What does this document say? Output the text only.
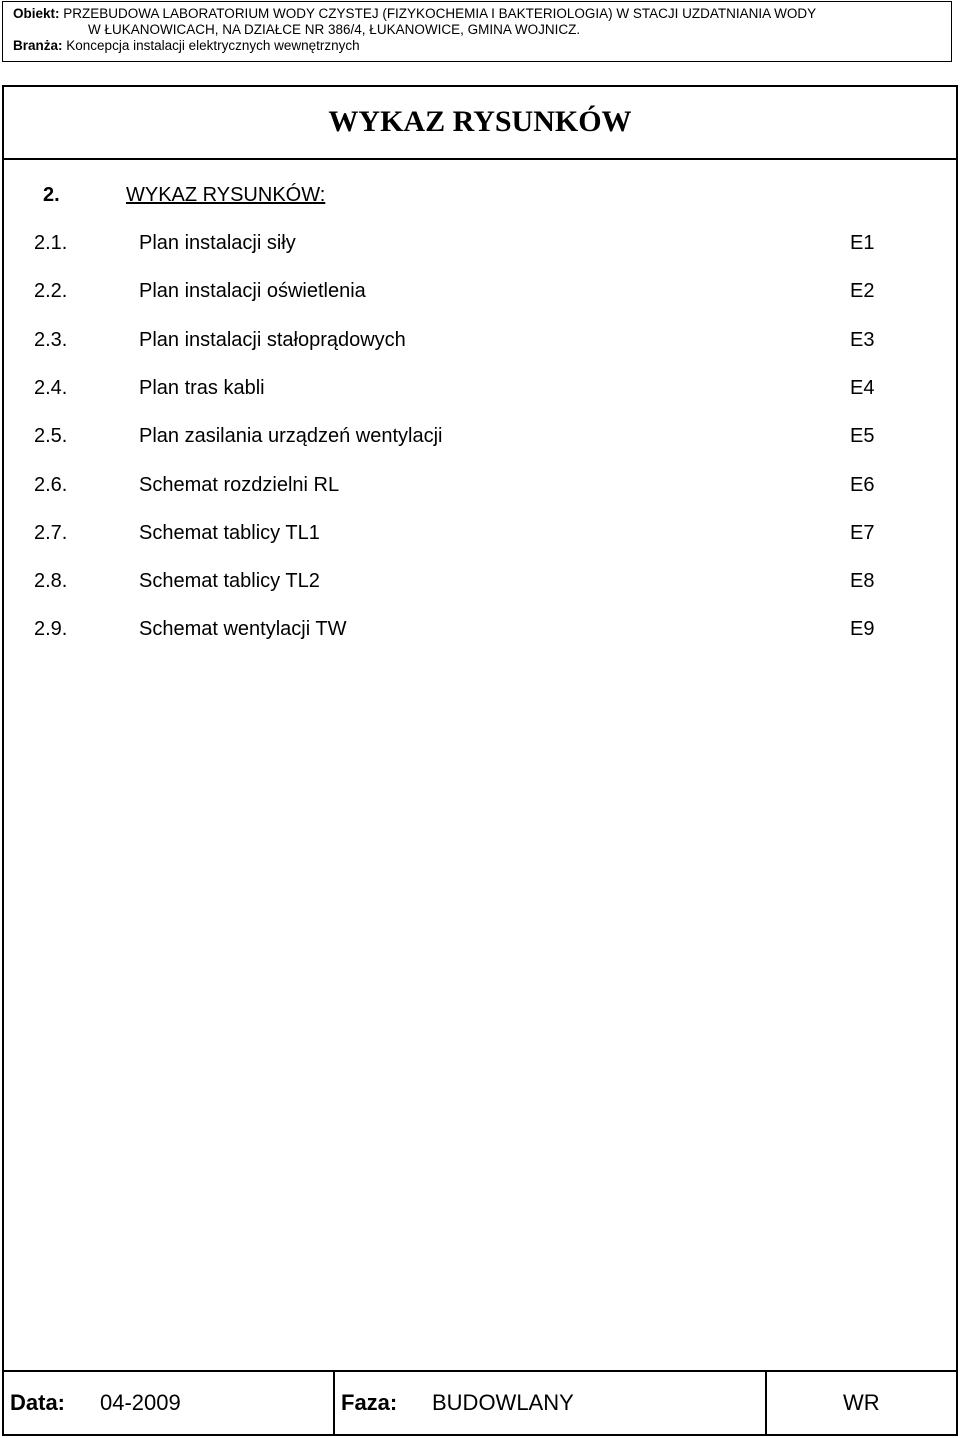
Obiekt: PRZEBUDOWA LABORATORIUM WODY CZYSTEJ (FIZYKOCHEMIA I BAKTERIOLOGIA) W STACJI UZDATNIANIA WODY
W ŁUKANOWICACH, NA DZIAŁCE NR 386/4, ŁUKANOWICE, GMINA WOJNICZ.
Branża: Koncepcja instalacji elektrycznych wewnętrznych
WYKAZ RYSUNKÓW
2.	WYKAZ RYSUNKÓW:
2.1.	Plan instalacji siły	E1
2.2.	Plan instalacji oświetlenia	E2
2.3.	Plan instalacji stałoprądowych	E3
2.4.	Plan tras kabli	E4
2.5.	Plan zasilania urządzeń wentylacji	E5
2.6.	Schemat rozdzielni RL	E6
2.7.	Schemat tablicy TL1	E7
2.8.	Schemat tablicy TL2	E8
2.9.	Schemat wentylacji TW	E9
Data: 04-2009	Faza: BUDOWLANY	WR
